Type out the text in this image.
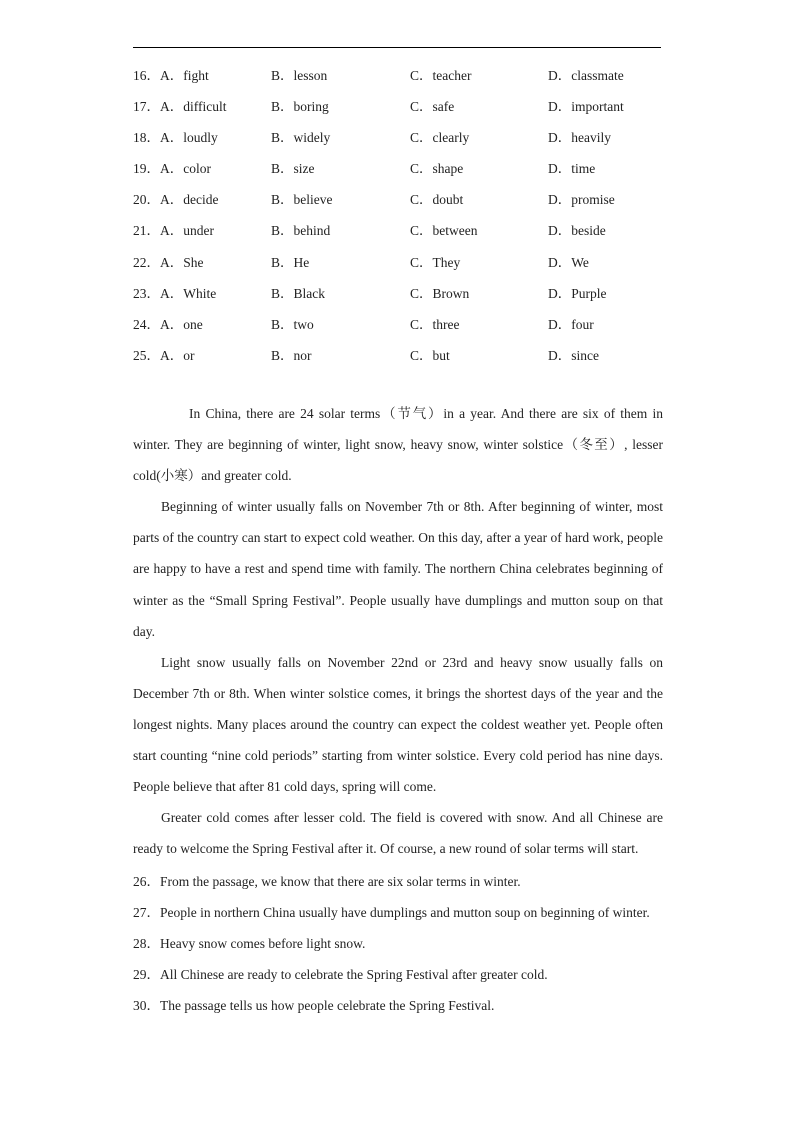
16． A．fight	B．lesson	C．teacher	D．classmate
17． A．difficult	B．boring	C．safe	D．important
18． A．loudly	B．widely	C．clearly	D．heavily
19． A．color	B．size	C．shape	D．time
20． A．decide	B．believe	C．doubt	D．promise
21． A．under	B．behind	C．between	D．beside
22． A．She	B．He	C．They	D．We
23． A．White	B．Black	C．Brown	D．Purple
24． A．one	B．two	C．three	D．four
25． A．or	B．nor	C．but	D．since

In China, there are 24 solar terms（节气）in a year. And there are six of them in winter. They are beginning of winter, light snow, heavy snow, winter solstice（冬至）, lesser cold(小寒）and greater cold.

Beginning of winter usually falls on November 7th or 8th. After beginning of winter, most parts of the country can start to expect cold weather. On this day, after a year of hard work, people are happy to have a rest and spend time with family. The northern China celebrates beginning of winter as the “Small Spring Festival”. People usually have dumplings and mutton soup on that day.

Light snow usually falls on November 22nd or 23rd and heavy snow usually falls on December 7th or 8th. When winter solstice comes, it brings the shortest days of the year and the longest nights. Many places around the country can expect the coldest weather yet. People often start counting “nine cold periods” starting from winter solstice. Every cold period has nine days. People believe that after 81 cold days, spring will come.

Greater cold comes after lesser cold. The field is covered with snow. And all Chinese are ready to welcome the Spring Festival after it. Of course, a new round of solar terms will start.

26．From the passage, we know that there are six solar terms in winter.

27．People in northern China usually have dumplings and mutton soup on beginning of winter.

28．Heavy snow comes before light snow.

29．All Chinese are ready to celebrate the Spring Festival after greater cold.

30．The passage tells us how people celebrate the Spring Festival.
